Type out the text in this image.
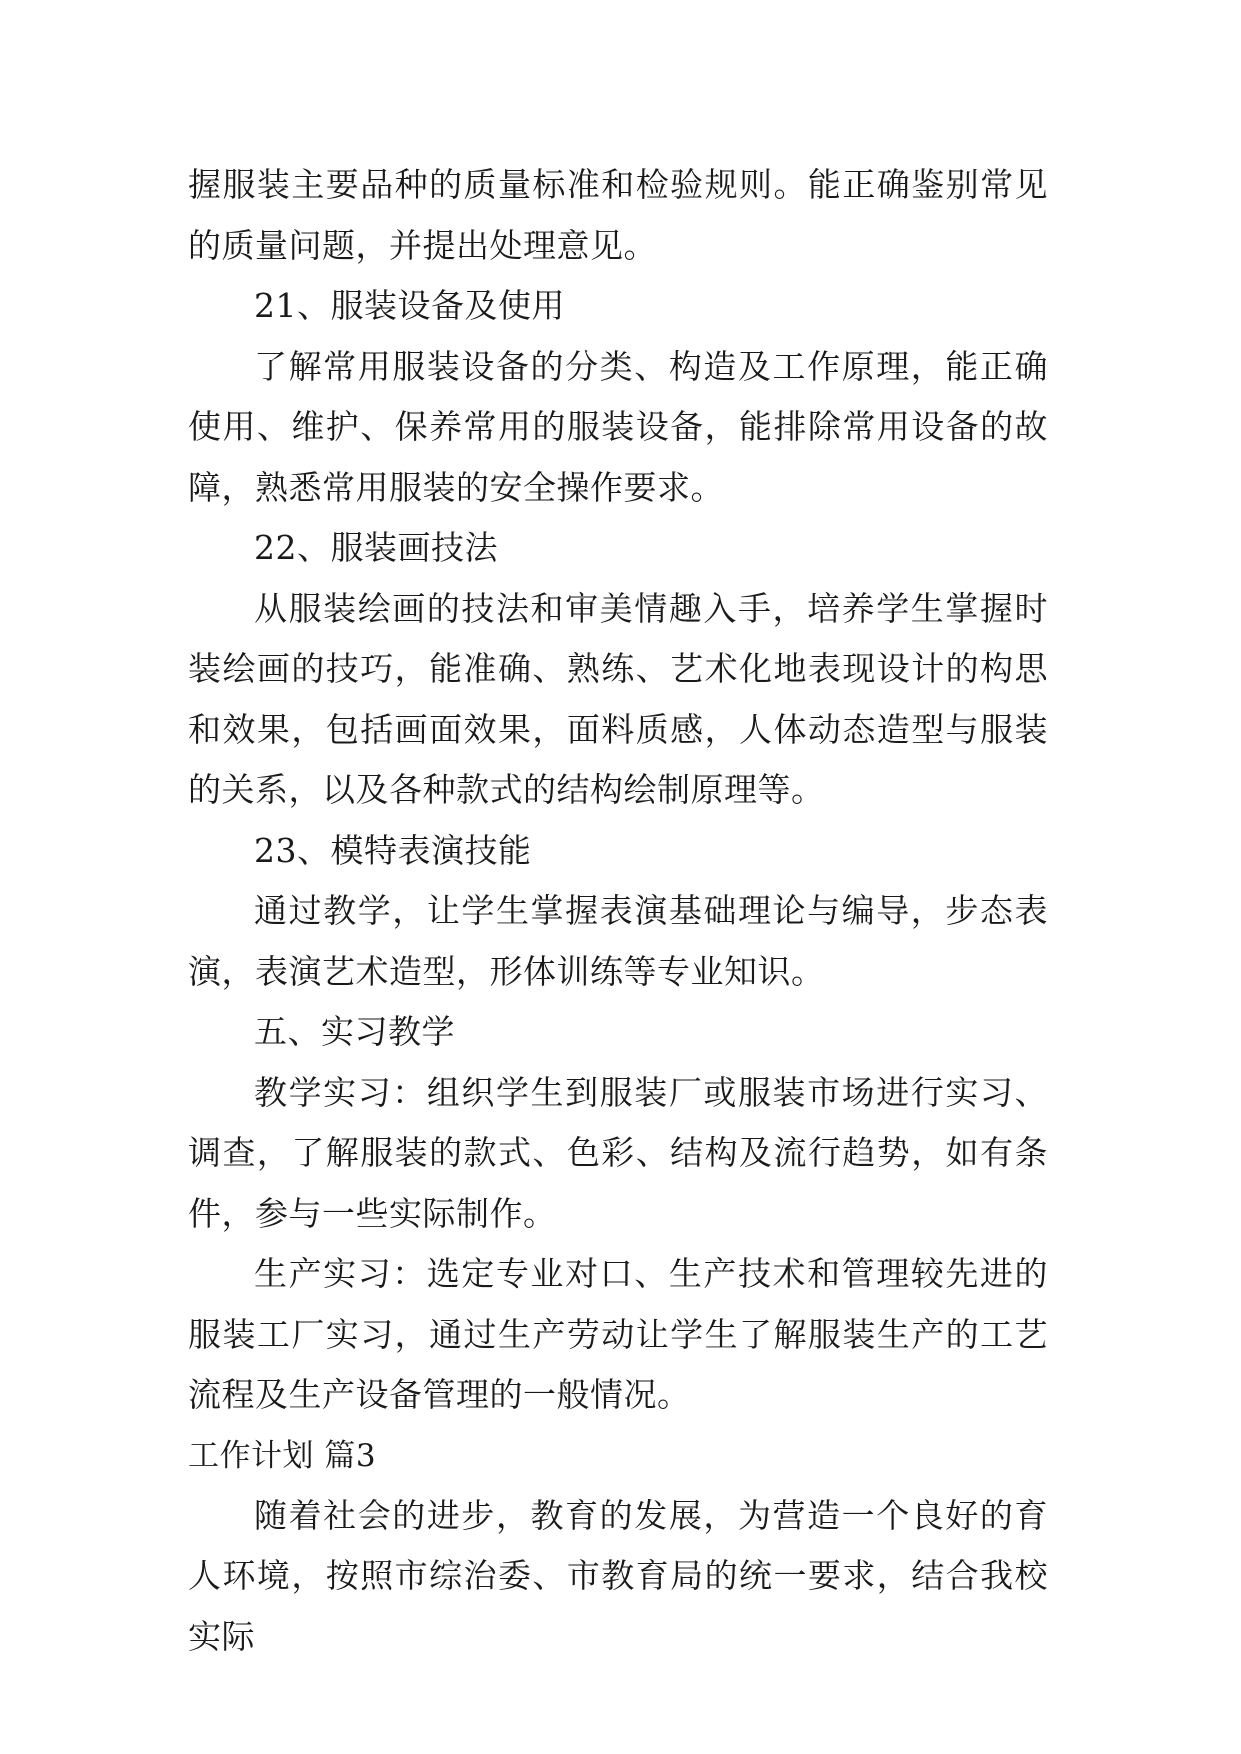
握服装主要品种的质量标准和检验规则。能正确鉴别常见的质量问题，并提出处理意见。

21、服装设备及使用

了解常用服装设备的分类、构造及工作原理，能正确使用、维护、保养常用的服装设备，能排除常用设备的故障，熟悉常用服装的安全操作要求。

22、服装画技法

从服装绘画的技法和审美情趣入手，培养学生掌握时装绘画的技巧，能准确、熟练、艺术化地表现设计的构思和效果，包括画面效果，面料质感，人体动态造型与服装的关系，以及各种款式的结构绘制原理等。

23、模特表演技能

通过教学，让学生掌握表演基础理论与编导，步态表演，表演艺术造型，形体训练等专业知识。

五、实习教学

教学实习：组织学生到服装厂或服装市场进行实习、调查，了解服装的款式、色彩、结构及流行趋势，如有条件，参与一些实际制作。

生产实习：选定专业对口、生产技术和管理较先进的服装工厂实习，通过生产劳动让学生了解服装生产的工艺流程及生产设备管理的一般情况。

工作计划 篇3

随着社会的进步，教育的发展，为营造一个良好的育人环境，按照市综治委、市教育局的统一要求，结合我校实际
